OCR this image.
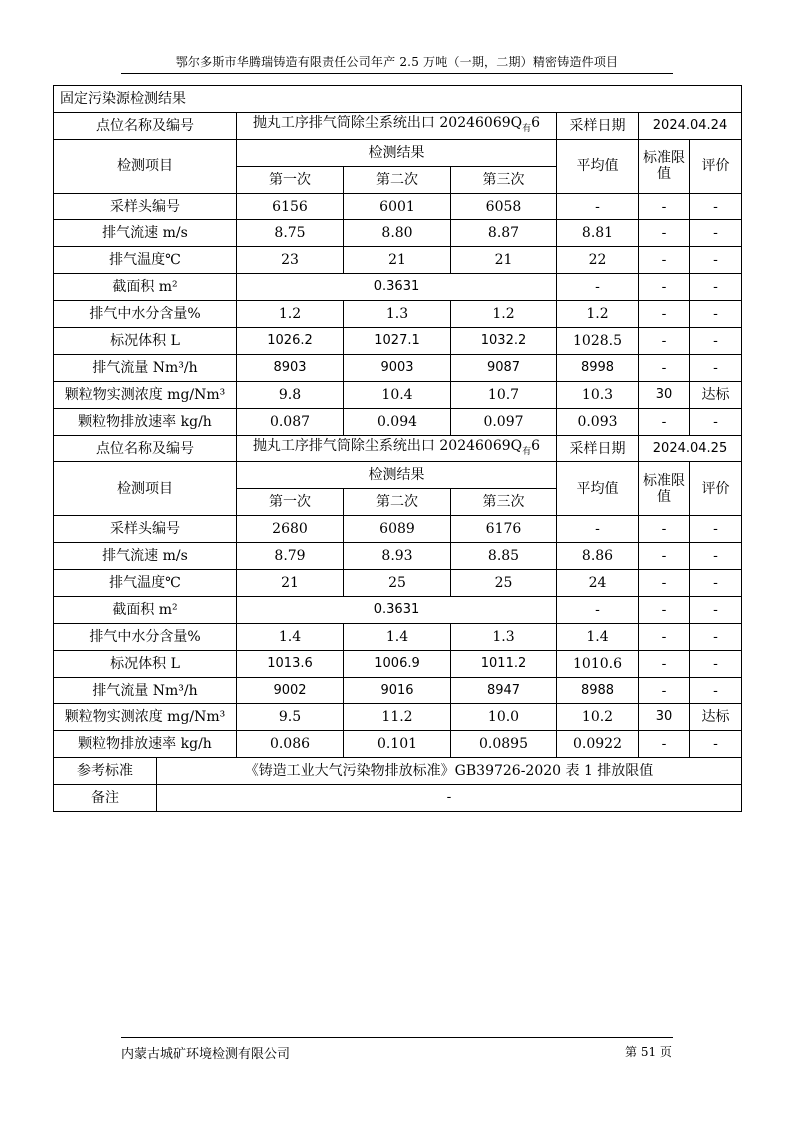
鄂尔多斯市华腾瑞铸造有限责任公司年产 2.5 万吨（一期，二期）精密铸造件项目
固定污染源检测结果							
点位名称及编号		抛丸工序排气筒除尘系统出口 $20246069Q_有6$			采样日期	2024.04.24	
检测项目		检测结果			平均值	标准限值	评价
		第一次	第二次	第三次			
采样头编号		6156	6001	6058	-	-	-
排气流速 m/s		8.75	8.80	8.87	8.81	-	-
排气温度℃		23	21	21	22	-	-
截面积 m²		0.3631			-	-	-
排气中水分含量%		1.2	1.3	1.2	1.2	-	-
标况体积 L		1026.2	1027.1	1032.2	1028.5	-	-
排气流量 Nm³/h		8903	9003	9087	8998	-	-
颗粒物实测浓度 mg/Nm³		9.8	10.4	10.7	10.3	30	达标
颗粒物排放速率 kg/h		0.087	0.094	0.097	0.093	-	-
点位名称及编号		抛丸工序排气筒除尘系统出口 $20246069Q_有6$			采样日期	2024.04.25	
检测项目		检测结果			平均值	标准限值	评价
		第一次	第二次	第三次			
采样头编号		2680	6089	6176	-	-	-
排气流速 m/s		8.79	8.93	8.85	8.86	-	-
排气温度℃		21	25	25	24	-	-
截面积 m²		0.3631			-	-	-
排气中水分含量%		1.4	1.4	1.3	1.4	-	-
标况体积 L		1013.6	1006.9	1011.2	1010.6	-	-
排气流量 Nm³/h		9002	9016	8947	8988	-	-
颗粒物实测浓度 mg/Nm³		9.5	11.2	10.0	10.2	30	达标
颗粒物排放速率 kg/h		0.086	0.101	0.0895	0.0922	-	-
参考标准	《铸造工业大气污染物排放标准》GB39726-2020 表 1 排放限值						
备注	-						
内蒙古城矿环境检测有限公司	第 51 页
